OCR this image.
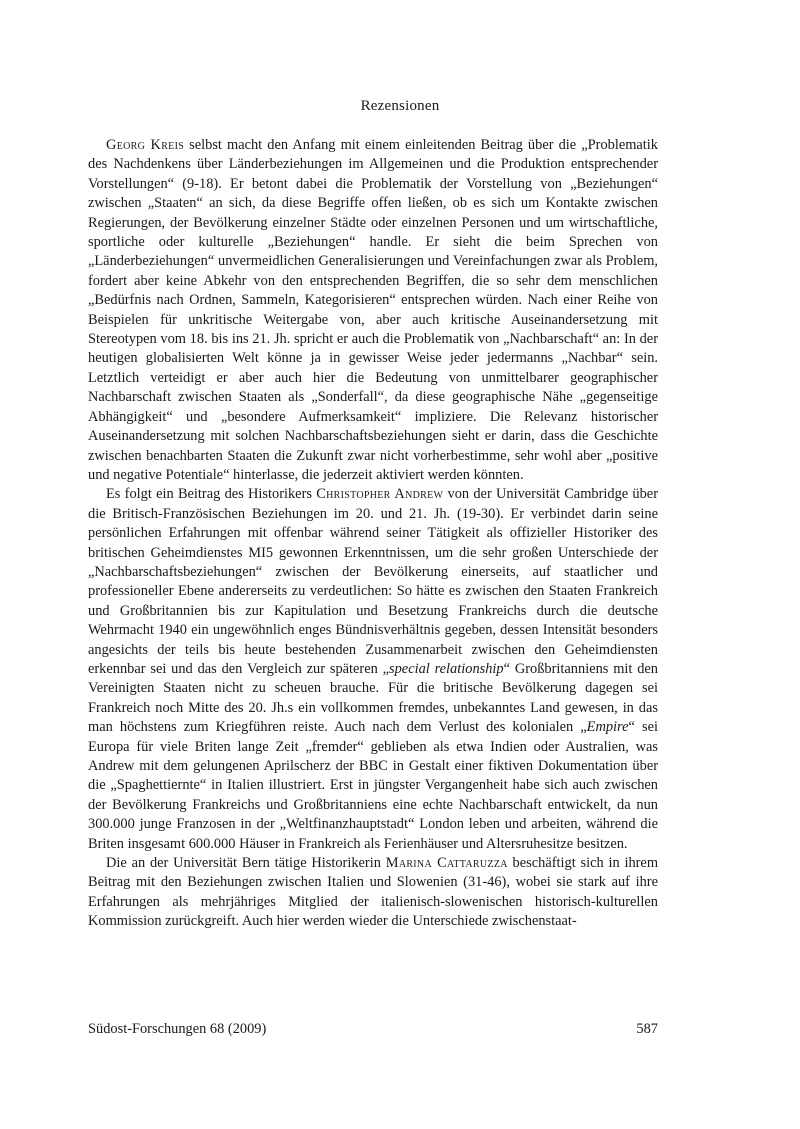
Rezensionen

Georg Kreis selbst macht den Anfang mit einem einleitenden Beitrag über die „Problematik des Nachdenkens über Länderbeziehungen im Allgemeinen und die Produktion entsprechender Vorstellungen“ (9-18). Er betont dabei die Problematik der Vorstellung von „Beziehungen“ zwischen „Staaten“ an sich, da diese Begriffe offen ließen, ob es sich um Kontakte zwischen Regierungen, der Bevölkerung einzelner Städte oder einzelnen Personen und um wirtschaftliche, sportliche oder kulturelle „Beziehungen“ handle. Er sieht die beim Sprechen von „Länderbeziehungen“ unvermeidlichen Generalisierungen und Vereinfachungen zwar als Problem, fordert aber keine Abkehr von den entsprechenden Begriffen, die so sehr dem menschlichen „Bedürfnis nach Ordnen, Sammeln, Kategorisieren“ entsprechen würden. Nach einer Reihe von Beispielen für unkritische Weitergabe von, aber auch kritische Auseinandersetzung mit Stereotypen vom 18. bis ins 21. Jh. spricht er auch die Problematik von „Nachbarschaft“ an: In der heutigen globalisierten Welt könne ja in gewisser Weise jeder jedermanns „Nachbar“ sein. Letztlich verteidigt er aber auch hier die Bedeutung von unmittelbarer geographischer Nachbarschaft zwischen Staaten als „Sonderfall“, da diese geographische Nähe „gegenseitige Abhängigkeit“ und „besondere Aufmerksamkeit“ impliziere. Die Relevanz historischer Auseinandersetzung mit solchen Nachbarschaftsbeziehungen sieht er darin, dass die Geschichte zwischen benachbarten Staaten die Zukunft zwar nicht vorherbestimme, sehr wohl aber „positive und negative Potentiale“ hinterlasse, die jederzeit aktiviert werden könnten.

Es folgt ein Beitrag des Historikers Christopher Andrew von der Universität Cambridge über die Britisch-Französischen Beziehungen im 20. und 21. Jh. (19-30). Er verbindet darin seine persönlichen Erfahrungen mit offenbar während seiner Tätigkeit als offizieller Historiker des britischen Geheimdienstes MI5 gewonnen Erkenntnissen, um die sehr großen Unterschiede der „Nachbarschaftsbeziehungen“ zwischen der Bevölkerung einerseits, auf staatlicher und professioneller Ebene andererseits zu verdeutlichen: So hätte es zwischen den Staaten Frankreich und Großbritannien bis zur Kapitulation und Besetzung Frankreichs durch die deutsche Wehrmacht 1940 ein ungewöhnlich enges Bündnisverhältnis gegeben, dessen Intensität besonders angesichts der teils bis heute bestehenden Zusammenarbeit zwischen den Geheimdiensten erkennbar sei und das den Vergleich zur späteren „special relationship“ Großbritanniens mit den Vereinigten Staaten nicht zu scheuen brauche. Für die britische Bevölkerung dagegen sei Frankreich noch Mitte des 20. Jh.s ein vollkommen fremdes, unbekanntes Land gewesen, in das man höchstens zum Kriegführen reiste. Auch nach dem Verlust des kolonialen „Empire“ sei Europa für viele Briten lange Zeit „fremder“ geblieben als etwa Indien oder Australien, was Andrew mit dem gelungenen Aprilscherz der BBC in Gestalt einer fiktiven Dokumentation über die „Spaghettiernte“ in Italien illustriert. Erst in jüngster Vergangenheit habe sich auch zwischen der Bevölkerung Frankreichs und Großbritanniens eine echte Nachbarschaft entwickelt, da nun 300.000 junge Franzosen in der „Weltfinanzhauptstadt“ London leben und arbeiten, während die Briten insgesamt 600.000 Häuser in Frankreich als Ferienhäuser und Altersruhesitze besitzen.

Die an der Universität Bern tätige Historikerin Marina Cattaruzza beschäftigt sich in ihrem Beitrag mit den Beziehungen zwischen Italien und Slowenien (31-46), wobei sie stark auf ihre Erfahrungen als mehrjähriges Mitglied der italienisch-slowenischen historisch-kulturellen Kommission zurückgreift. Auch hier werden wieder die Unterschiede zwischenstaat-

Südost-Forschungen 68 (2009)	587
